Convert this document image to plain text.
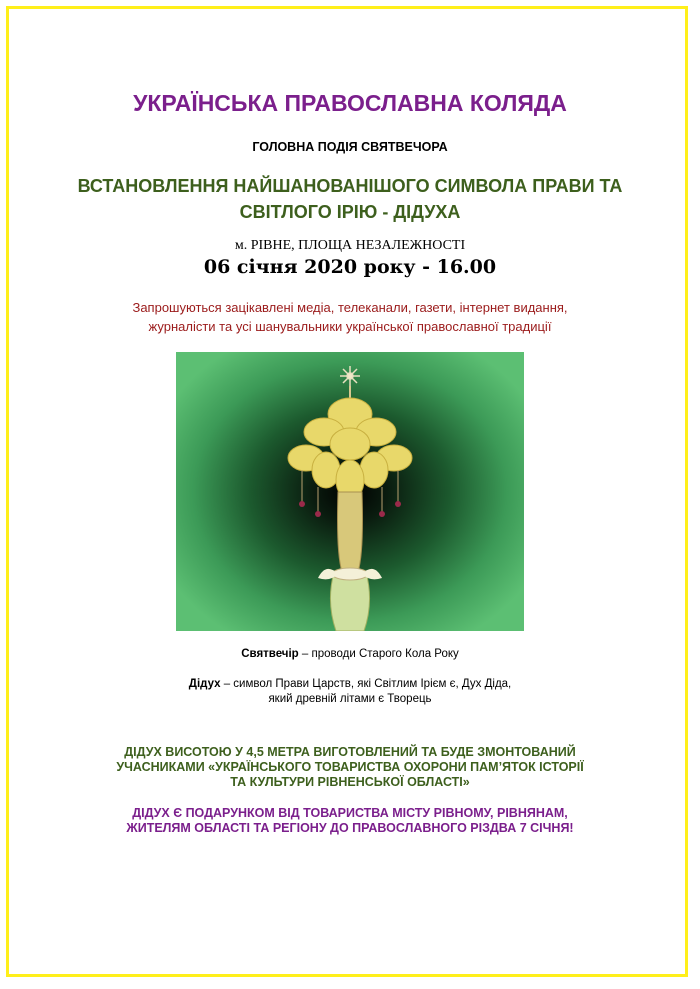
УКРАЇНСЬКА ПРАВОСЛАВНА КОЛЯДА
ГОЛОВНА ПОДІЯ СВЯТВЕЧОРА
ВСТАНОВЛЕННЯ НАЙШАНОВАНІШОГО СИМВОЛА ПРАВИ ТА
СВІТЛОГО ІРІЮ - ДІДУХА
м. РІВНЕ, ПЛОЩА НЕЗАЛЕЖНОСТІ
06 січня 2020 року - 16.00
Запрошуються зацікавлені медіа, телеканали, газети, інтернет видання,
журналісти та усі шанувальники української православної традиції
Святвечір – проводи Старого Кола Року
Дідух – символ Прави Царств, які Світлим Ірієм є, Дух Діда,
який древній літами є Творець
ДІДУХ ВИСОТОЮ У 4,5 МЕТРА ВИГОТОВЛЕНИЙ ТА БУДЕ ЗМОНТОВАНИЙ
УЧАСНИКАМИ «УКРАЇНСЬКОГО ТОВАРИСТВА ОХОРОНИ ПАМ’ЯТОК ІСТОРІЇ
ТА КУЛЬТУРИ РІВНЕНСЬКОЇ ОБЛАСТІ»
ДІДУХ Є ПОДАРУНКОМ ВІД ТОВАРИСТВА МІСТУ РІВНОМУ, РІВНЯНАМ,
ЖИТЕЛЯМ ОБЛАСТІ ТА РЕГІОНУ ДО ПРАВОСЛАВНОГО РІЗДВА 7 СІЧНЯ!
